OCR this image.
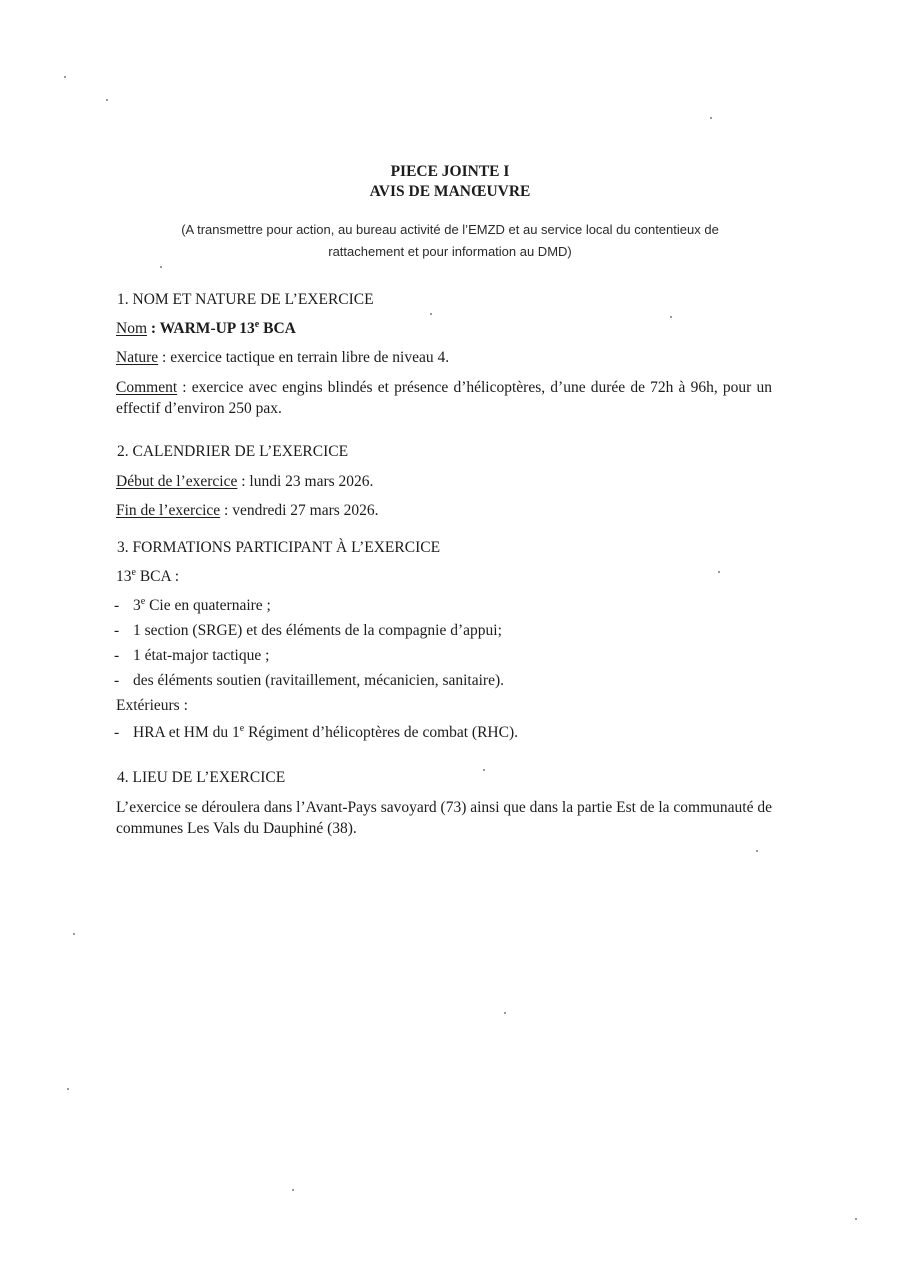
PIECE JOINTE I
AVIS DE MANŒUVRE
(A transmettre pour action, au bureau activité de l’EMZD et au service local du contentieux de
rattachement et pour information au DMD)
1. NOM ET NATURE DE L’EXERCICE
Nom : WARM-UP 13e BCA
Nature : exercice tactique en terrain libre de niveau 4.
Comment : exercice avec engins blindés et présence d’hélicoptères, d’une durée de 72h à 96h, pour un effectif d’environ 250 pax.
2. CALENDRIER DE L’EXERCICE
Début de l’exercice : lundi 23 mars 2026.
Fin de l’exercice : vendredi 27 mars 2026.
3. FORMATIONS PARTICIPANT À L’EXERCICE
13e BCA :
- 3e Cie en quaternaire ;
- 1 section (SRGE) et des éléments de la compagnie d’appui;
- 1 état-major tactique ;
- des éléments soutien (ravitaillement, mécanicien, sanitaire).
Extérieurs :
- HRA et HM du 1e Régiment d’hélicoptères de combat (RHC).
4. LIEU DE L’EXERCICE
L’exercice se déroulera dans l’Avant-Pays savoyard (73) ainsi que dans la partie Est de la communauté de communes Les Vals du Dauphiné (38).
